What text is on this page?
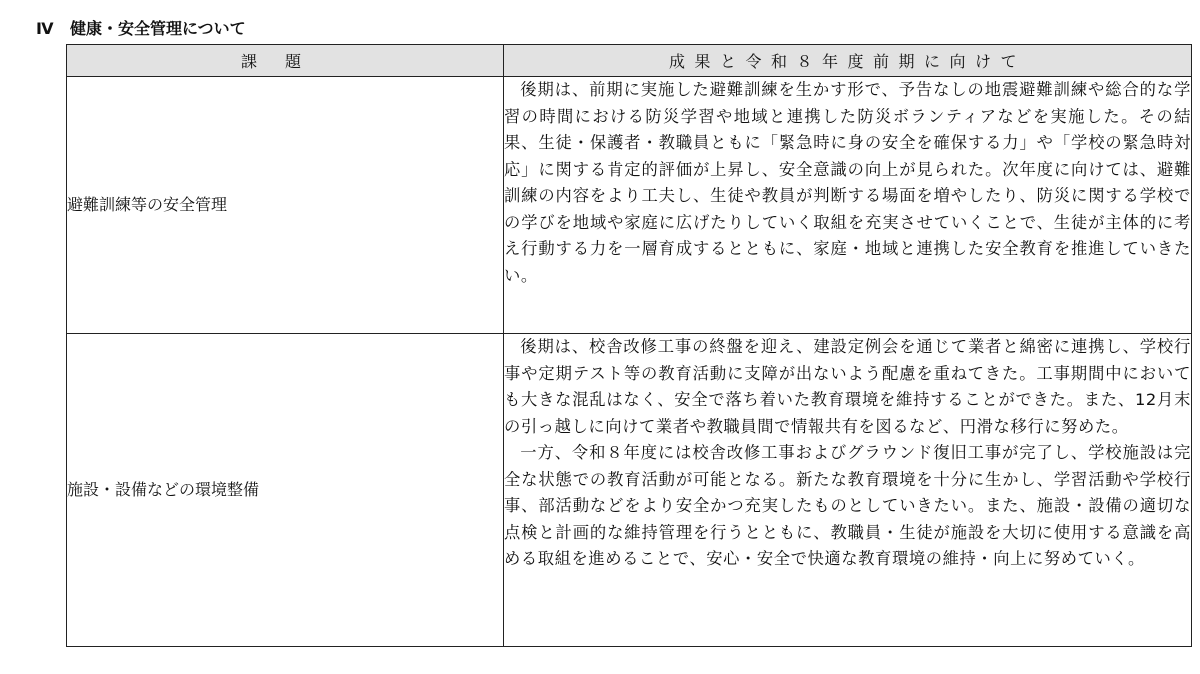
Ⅳ 健康・安全管理について
課題	成果と令和８年度前期に向けて
避難訓練等の安全管理	後期は、前期に実施した避難訓練を生かす形で、予告なしの地震避難訓練や総合的な学習の時間における防災学習や地域と連携した防災ボランティアなどを実施した。その結果、生徒・保護者・教職員ともに「緊急時に身の安全を確保する力」や「学校の緊急時対応」に関する肯定的評価が上昇し、安全意識の向上が見られた。次年度に向けては、避難訓練の内容をより工夫し、生徒や教員が判断する場面を増やしたり、防災に関する学校での学びを地域や家庭に広げたりしていく取組を充実させていくことで、生徒が主体的に考え行動する力を一層育成するとともに、家庭・地域と連携した安全教育を推進していきたい。

施設・設備などの環境整備	後期は、校舎改修工事の終盤を迎え、建設定例会を通じて業者と綿密に連携し、学校行事や定期テスト等の教育活動に支障が出ないよう配慮を重ねてきた。工事期間中においても大きな混乱はなく、安全で落ち着いた教育環境を維持することができた。また、12月末の引っ越しに向けて業者や教職員間で情報共有を図るなど、円滑な移行に努めた。

一方、令和８年度には校舎改修工事およびグラウンド復旧工事が完了し、学校施設は完全な状態での教育活動が可能となる。新たな教育環境を十分に生かし、学習活動や学校行事、部活動などをより安全かつ充実したものとしていきたい。また、施設・設備の適切な点検と計画的な維持管理を行うとともに、教職員・生徒が施設を大切に使用する意識を高める取組を進めることで、安心・安全で快適な教育環境の維持・向上に努めていく。
